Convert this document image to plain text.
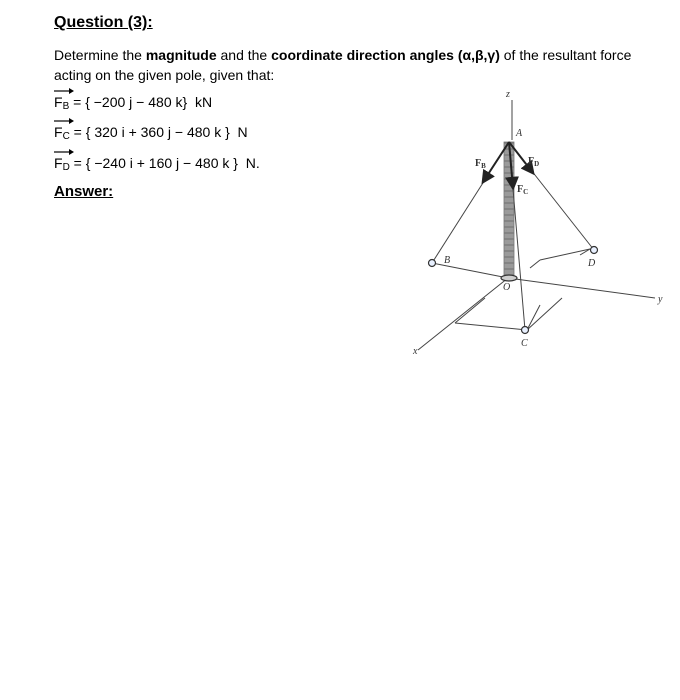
Question (3):
Determine the magnitude and the coordinate direction angles (α,β,γ) of the resultant force acting on the given pole, given that:
$F_B$ = { −200 j − 480 k}  kN
$F_C$ = { 320 i + 360 j − 480 k }  N
$F_D$ = { −240 i + 160 j − 480 k }  N.
Answer:
z
A
B
C
D
O
x
y
$F_B$	$F_D$
$F_C$
